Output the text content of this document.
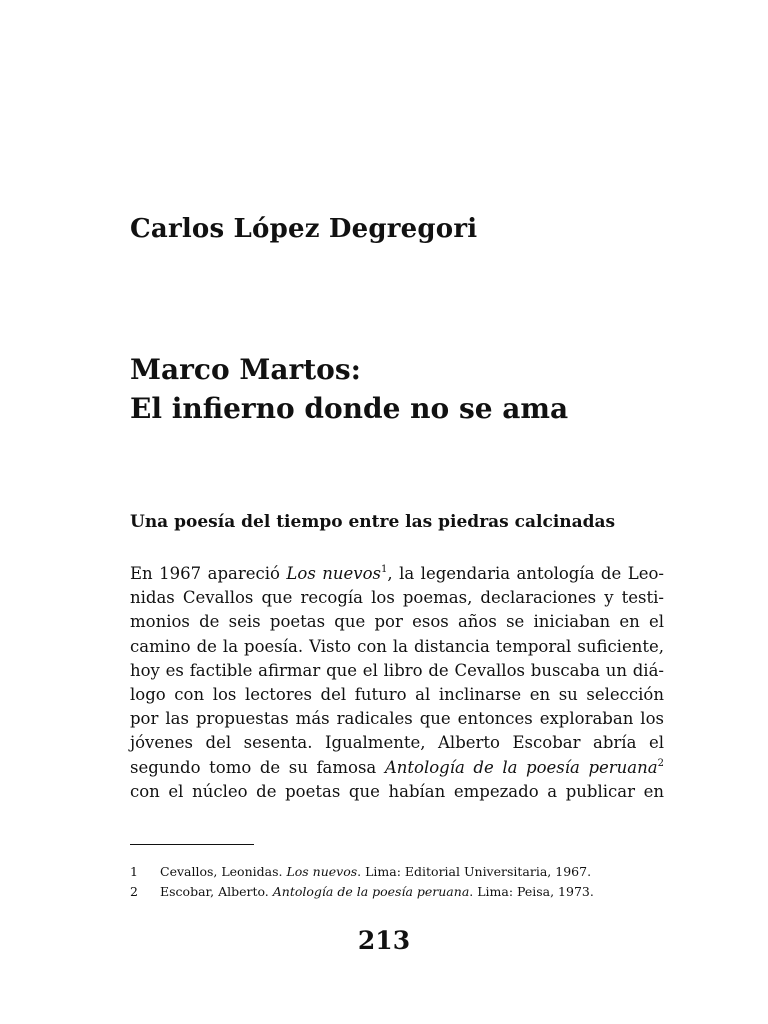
Carlos López Degregori
Marco Martos:
El infierno donde no se ama
Una poesía del tiempo entre las piedras calcinadas
En 1967 apareció Los nuevos$^1$, la legendaria antología de Leo-
nidas Cevallos que recogía los poemas, declaraciones y testi-
monios de seis poetas que por esos años se iniciaban en el
camino de la poesía. Visto con la distancia temporal suficiente,
hoy es factible afirmar que el libro de Cevallos buscaba un diá-
logo con los lectores del futuro al inclinarse en su selección
por las propuestas más radicales que entonces exploraban los
jóvenes del sesenta. Igualmente, Alberto Escobar abría el
segundo tomo de su famosa Antología de la poesía peruana$^2$
con el núcleo de poetas que habían empezado a publicar en
1 Cevallos, Leonidas. Los nuevos. Lima: Editorial Universitaria, 1967.
2 Escobar, Alberto. Antología de la poesía peruana. Lima: Peisa, 1973.
213
